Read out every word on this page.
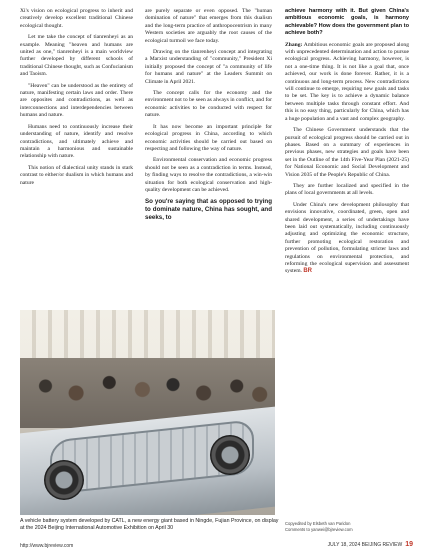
Xi's vision on ecological progress to inherit and creatively develop excellent traditional Chinese ecological thought.

Let me take the concept of tianrenheyi as an example. Meaning "heaven and humans are united as one," tianrenheyi is a main worldview further developed by different schools of traditional Chinese thought, such as Confucianism and Taoism.

"Heaven" can be understood as the entirety of nature, manifesting certain laws and order. There are opposites and contradictions, as well as interconnections and interdependencies between humans and nature.

Humans need to continuously increase their understanding of nature, identify and resolve contradictions, and ultimately achieve and maintain a harmonious and sustainable relationship with nature.

This notion of dialectical unity stands in stark contrast to either/or dualism in which humans and nature

are purely separate or even opposed. The "human domination of nature" that emerges from this dualism and the long-term practice of anthropocentrism in many Western societies are arguably the root causes of the ecological turmoil we face today.

Drawing on the tianrenheyi concept and integrating a Marxist understanding of "community," President Xi initially proposed the concept of "a community of life for humans and nature" at the Leaders Summit on Climate in April 2021.

The concept calls for the economy and the environment not to be seen as always in conflict, and for economic activities to be conducted with respect for nature.

It has now become an important principle for ecological progress in China, according to which economic activities should be carried out based on respecting and following the way of nature.

Environmental conservation and economic progress should not be seen as a contradiction in terms. Instead, by finding ways to resolve the contradictions, a win-win situation for both ecological conservation and high-quality development can be achieved.

So you're saying that as opposed to trying to dominate nature, China has sought, and seeks, to

achieve harmony with it. But given China's ambitious economic goals, is harmony achievable? How does the government plan to achieve both?

Zhang: Ambitious economic goals are proposed along with unprecedented determination and action to pursue ecological progress. Achieving harmony, however, is not a one-time thing. It is not like a goal that, once achieved, our work is done forever. Rather, it is a continuous and long-term process. New contradictions will continue to emerge, requiring new goals and tasks to be set. The key is to achieve a dynamic balance between multiple tasks through constant effort. And this is no easy thing, particularly for China, which has a huge population and a vast and complex geography.

The Chinese Government understands that the pursuit of ecological progress should be carried out in phases. Based on a summary of experiences in previous phases, new strategies and goals have been set in the Outline of the 14th Five-Year Plan (2021-25) for National Economic and Social Development and Vision 2035 of the People's Republic of China.

They are further localized and specified in the plans of local governments at all levels.

Under China's new development philosophy that envisions innovative, coordinated, green, open and shared development, a series of undertakings have been laid out systematically, including continuously adjusting and optimizing the economic structure, further promoting ecological restoration and prevention of pollution, formulating stricter laws and regulations on environmental protection, and reforming the ecological supervision and assessment system. BR

A vehicle battery system developed by CATL, a new energy giant based in Ningde, Fujian Province, on display at the 2024 Beijing International Automotive Exhibition on April 30
Copyedited by Elsbeth van Paridon
Comments to yanwei@bjreview.com
http://www.bjreview.com	JULY 18, 2024 BEIJING REVIEW 19
